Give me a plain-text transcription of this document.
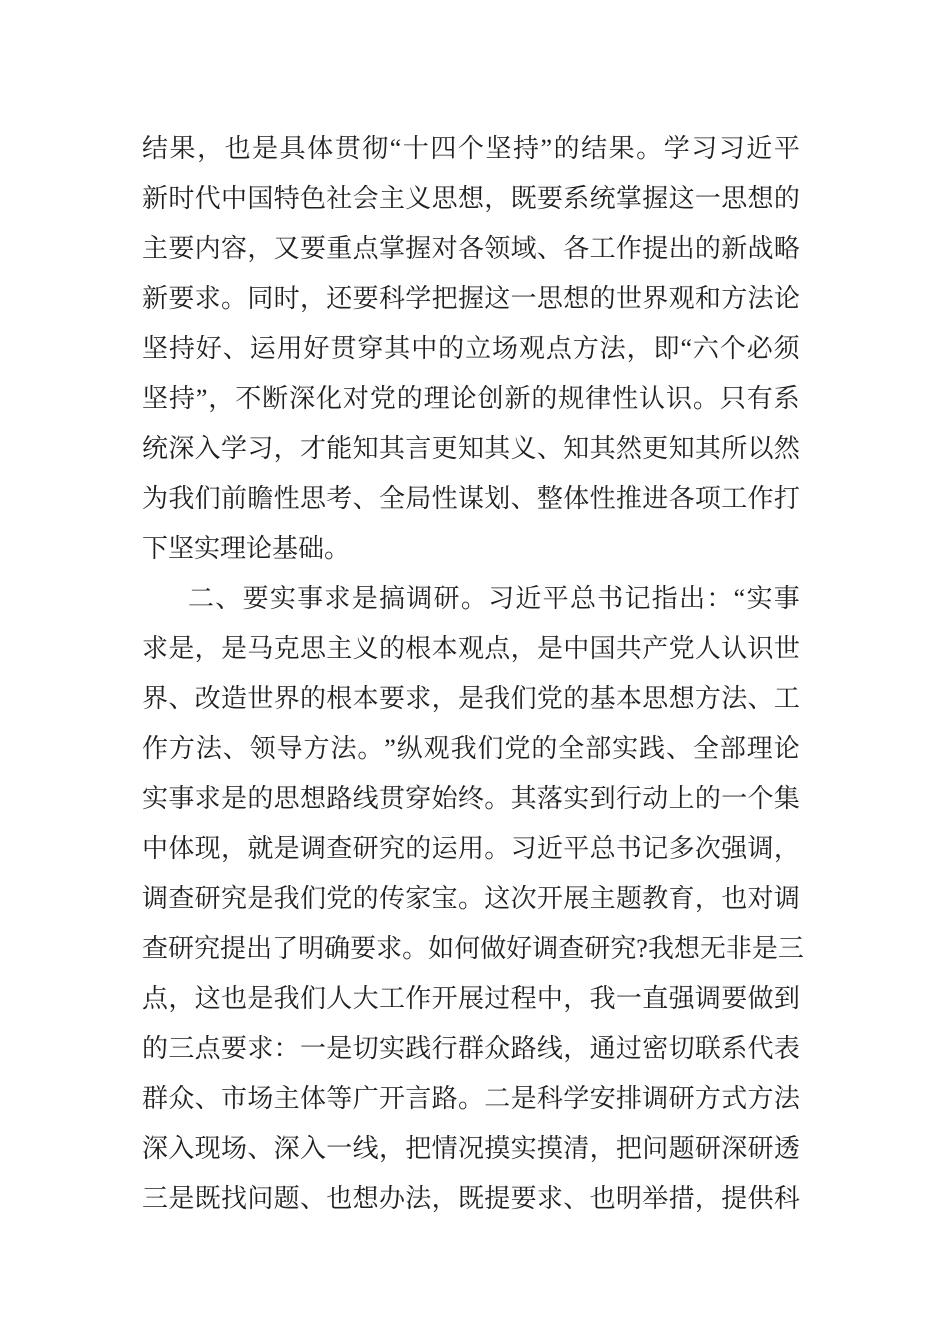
结 果 ， 也 是 具 体 贯 彻 “ 十 四 个 坚 持 ” 的 结 果 。 学 习 习 近 平
新 时 代 中 国 特 色 社 会 主 义 思 想 ， 既 要 系 统 掌 握 这 一 思 想 的
主 要 内 容 ， 又 要 重 点 掌 握 对 各 领 域 、 各 工 作 提 出 的 新 战 略
新 要 求 。 同 时 ， 还 要 科 学 把 握 这 一 思 想 的 世 界 观 和 方 法 论
坚 持 好 、 运 用 好 贯 穿 其 中 的 立 场 观 点 方 法 ， 即 “ 六 个 必 须
坚 持 ” ， 不 断 深 化 对 党 的 理 论 创 新 的 规 律 性 认 识 。 只 有 系
统 深 入 学 习 ， 才 能 知 其 言 更 知 其 义 、 知 其 然 更 知 其 所 以 然
为 我 们 前 瞻 性 思 考 、 全 局 性 谋 划 、 整 体 性 推 进 各 项 工 作 打
下坚实理论基础。
二 、 要 实 事 求 是 搞 调 研 。 习 近 平 总 书 记 指 出 ： “ 实 事
求 是 ， 是 马 克 思 主 义 的 根 本 观 点 ， 是 中 国 共 产 党 人 认 识 世
界 、 改 造 世 界 的 根 本 要 求 ， 是 我 们 党 的 基 本 思 想 方 法 、 工
作 方 法 、 领 导 方 法 。 ” 纵 观 我 们 党 的 全 部 实 践 、 全 部 理 论
实 事 求 是 的 思 想 路 线 贯 穿 始 终 。 其 落 实 到 行 动 上 的 一 个 集
中 体 现 ， 就 是 调 查 研 究 的 运 用 。 习 近 平 总 书 记 多 次 强 调 ，
调 查 研 究 是 我 们 党 的 传 家 宝 。 这 次 开 展 主 题 教 育 ， 也 对 调
查 研 究 提 出 了 明 确 要 求 。 如 何 做 好 调 查 研 究 ? 我 想 无 非 是 三
点 ， 这 也 是 我 们 人 大 工 作 开 展 过 程 中 ， 我 一 直 强 调 要 做 到
的 三 点 要 求 ： 一 是 切 实 践 行 群 众 路 线 ， 通 过 密 切 联 系 代 表
群 众 、 市 场 主 体 等 广 开 言 路 。 二 是 科 学 安 排 调 研 方 式 方 法
深 入 现 场 、 深 入 一 线 ， 把 情 况 摸 实 摸 清 ， 把 问 题 研 深 研 透
三 是 既 找 问 题 、 也 想 办 法 ， 既 提 要 求 、 也 明 举 措 ， 提 供 科
